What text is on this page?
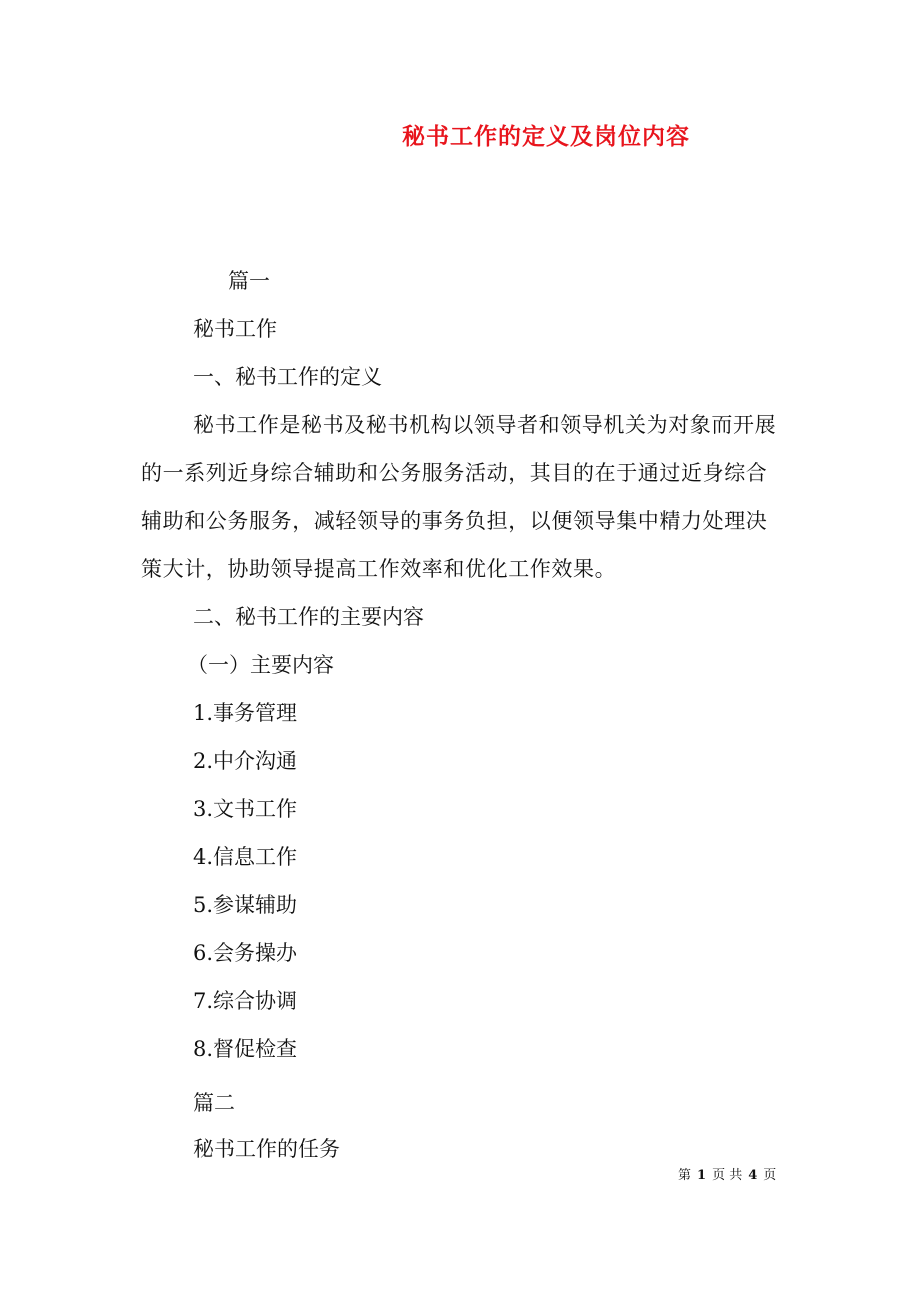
秘书工作的定义及岗位内容
篇一
秘书工作
一、秘书工作的定义
秘书工作是秘书及秘书机构以领导者和领导机关为对象而开展
的一系列近身综合辅助和公务服务活动，其目的在于通过近身综合
辅助和公务服务，减轻领导的事务负担，以便领导集中精力处理决
策大计，协助领导提高工作效率和优化工作效果。
二、秘书工作的主要内容
（一）主要内容
1.事务管理
2.中介沟通
3.文书工作
4.信息工作
5.参谋辅助
6.会务操办
7.综合协调
8.督促检查
篇二
秘书工作的任务
第 1 页 共 4 页
